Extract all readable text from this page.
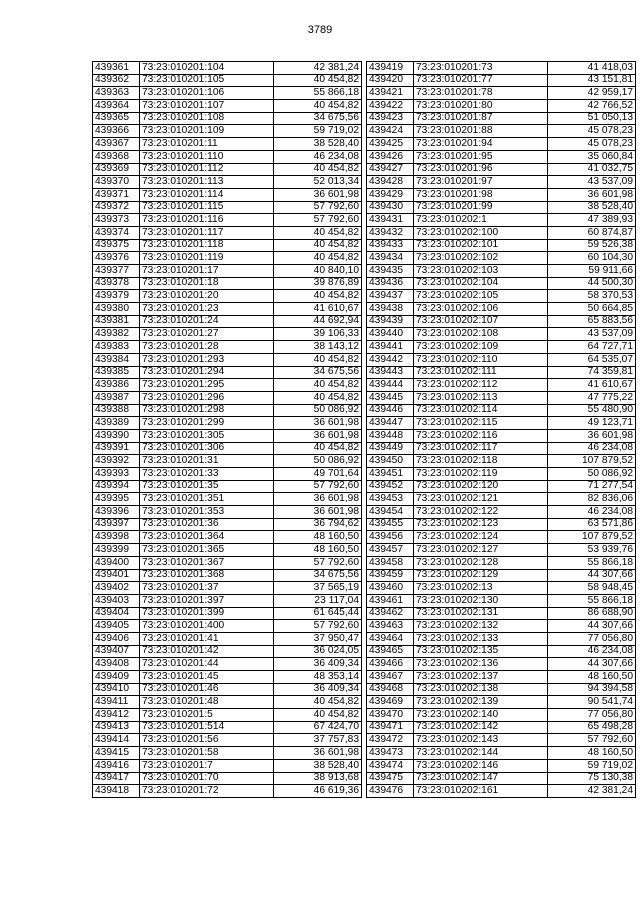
3789
439361	73:23:010201:104	42 381,24
439362	73:23:010201:105	40 454,82
439363	73:23:010201:106	55 866,18
439364	73:23:010201:107	40 454,82
439365	73:23:010201:108	34 675,56
439366	73:23:010201:109	59 719,02
439367	73:23:010201:11	38 528,40
439368	73:23:010201:110	46 234,08
439369	73:23:010201:112	40 454,82
439370	73:23:010201:113	52 013,34
439371	73:23:010201:114	36 601,98
439372	73:23:010201:115	57 792,60
439373	73:23:010201:116	57 792,60
439374	73:23:010201:117	40 454,82
439375	73:23:010201:118	40 454,82
439376	73:23:010201:119	40 454,82
439377	73:23:010201:17	40 840,10
439378	73:23:010201:18	39 876,89
439379	73:23:010201:20	40 454,82
439380	73:23:010201:23	41 610,67
439381	73:23:010201:24	44 692,94
439382	73:23:010201:27	39 106,33
439383	73:23:010201:28	38 143,12
439384	73:23:010201:293	40 454,82
439385	73:23:010201:294	34 675,56
439386	73:23:010201:295	40 454,82
439387	73:23:010201:296	40 454,82
439388	73:23:010201:298	50 086,92
439389	73:23:010201:299	36 601,98
439390	73:23:010201:305	36 601,98
439391	73:23:010201:306	40 454,82
439392	73:23:010201:31	50 086,92
439393	73:23:010201:33	49 701,64
439394	73:23:010201:35	57 792,60
439395	73:23:010201:351	36 601,98
439396	73:23:010201:353	36 601,98
439397	73:23:010201:36	36 794,62
439398	73:23:010201:364	48 160,50
439399	73:23:010201:365	48 160,50
439400	73:23:010201:367	57 792,60
439401	73:23:010201:368	34 675,56
439402	73:23:010201:37	37 565,19
439403	73:23:010201:397	23 117,04
439404	73:23:010201:399	61 645,44
439405	73:23:010201:400	57 792,60
439406	73:23:010201:41	37 950,47
439407	73:23:010201:42	36 024,05
439408	73:23:010201:44	36 409,34
439409	73:23:010201:45	48 353,14
439410	73:23:010201:46	36 409,34
439411	73:23:010201:48	40 454,82
439412	73:23:010201:5	40 454,82
439413	73:23:010201:514	67 424,70
439414	73:23:010201:56	37 757,83
439415	73:23:010201:58	36 601,98
439416	73:23:010201:7	38 528,40
439417	73:23:010201:70	38 913,68
439418	73:23:010201:72	46 619,36
439419	73:23:010201:73	41 418,03
439420	73:23:010201:77	43 151,81
439421	73:23:010201:78	42 959,17
439422	73:23:010201:80	42 766,52
439423	73:23:010201:87	51 050,13
439424	73:23:010201:88	45 078,23
439425	73:23:010201:94	45 078,23
439426	73:23:010201:95	35 060,84
439427	73:23:010201:96	41 032,75
439428	73:23:010201:97	43 537,09
439429	73:23:010201:98	36 601,98
439430	73:23:010201:99	38 528,40
439431	73:23:010202:1	47 389,93
439432	73:23:010202:100	60 874,87
439433	73:23:010202:101	59 526,38
439434	73:23:010202:102	60 104,30
439435	73:23:010202:103	59 911,66
439436	73:23:010202:104	44 500,30
439437	73:23:010202:105	58 370,53
439438	73:23:010202:106	50 664,85
439439	73:23:010202:107	65 883,56
439440	73:23:010202:108	43 537,09
439441	73:23:010202:109	64 727,71
439442	73:23:010202:110	64 535,07
439443	73:23:010202:111	74 359,81
439444	73:23:010202:112	41 610,67
439445	73:23:010202:113	47 775,22
439446	73:23:010202:114	55 480,90
439447	73:23:010202:115	49 123,71
439448	73:23:010202:116	36 601,98
439449	73:23:010202:117	46 234,08
439450	73:23:010202:118	107 879,52
439451	73:23:010202:119	50 086,92
439452	73:23:010202:120	71 277,54
439453	73:23:010202:121	82 836,06
439454	73:23:010202:122	46 234,08
439455	73:23:010202:123	63 571,86
439456	73:23:010202:124	107 879,52
439457	73:23:010202:127	53 939,76
439458	73:23:010202:128	55 866,18
439459	73:23:010202:129	44 307,66
439460	73:23:010202:13	58 948,45
439461	73:23:010202:130	55 866,18
439462	73:23:010202:131	86 688,90
439463	73:23:010202:132	44 307,66
439464	73:23:010202:133	77 056,80
439465	73:23:010202:135	46 234,08
439466	73:23:010202:136	44 307,66
439467	73:23:010202:137	48 160,50
439468	73:23:010202:138	94 394,58
439469	73:23:010202:139	90 541,74
439470	73:23:010202:140	77 056,80
439471	73:23:010202:142	65 498,28
439472	73:23:010202:143	57 792,60
439473	73:23:010202:144	48 160,50
439474	73:23:010202:146	59 719,02
439475	73:23:010202:147	75 130,38
439476	73:23:010202:161	42 381,24
